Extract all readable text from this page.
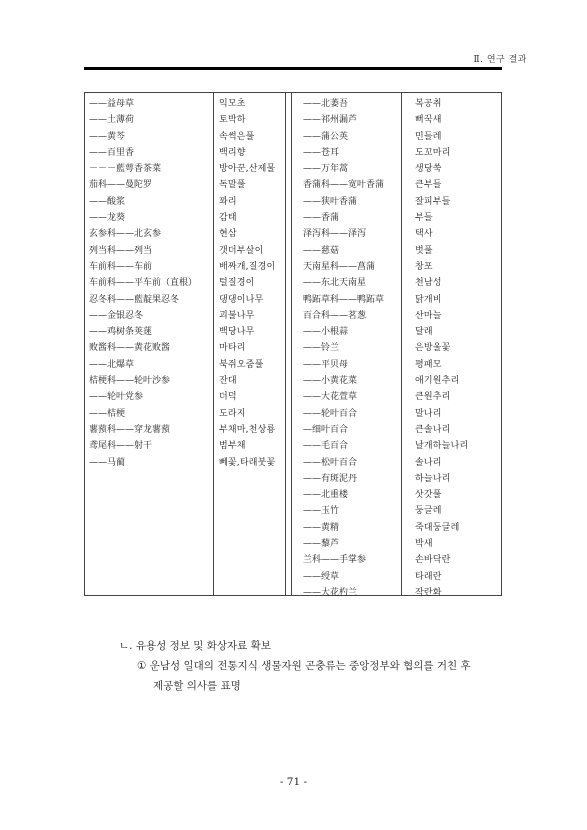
Ⅱ. 연구 결과
——益母草
——土薄荷
——黄芩
——百里香
－－－藍萼香茶菜
茄科——曼陀罗
——酸浆
——龙葵
玄参科——北玄参
列当科——列当
车前科——车前
车前科——平车前（直根）
忍冬科——藍靛果忍冬
——金银忍冬
——鸡树条荚蒾
败酱科——黄花败酱
——北爆草
桔梗科——轮叶沙参
——轮叶党参
——桔梗
薯蓣科——穿龙薯蓣
鸢尾科——射干
——马蔺
익모초
토박하
속썩은풀
백리향
방아꾼,산제물
독말풀
꽈리
감태
현삼
갯더부살이
배짜개,질경이
털질경이
댕댕이나무
괴불나무
백당나무
마타리
북쥐오줌풀
잔대
더덕
도라지
부채마,천상룡
범부채
뻬꽃,타래붓꽃
——北萎吾
——祁州漏芦
——蒲公英
——苍耳
——万年蒿
香蒲科——宽叶香蒲
——狭叶香蒲
——香蒲
泽泻科——泽泻
——慈菇
天南星科——菖蒲
——东北天南星
鸭跖草科——鸭跖草
百合科——茗葱
——小根蒜
——铃兰
——平贝母
——小黄花菜
——大花萱草
——轮叶百合
—细叶百合
——毛百合
——松叶百合
——有斑泥丹
——北重楼
——玉竹
——黄精
——藜芦
兰科——手掌参
——绶草
——大花杓兰
복공취
뻐꾹새
민들레
도꼬마리
생당쑥
큰부들
잘피부들
부들
택사
벗풀
창포
천남성
닭개비
산마늘
달래
은방울꽃
평패모
애기원추리
큰원추리
말나리
큰솔나리
날개하늘나리
솔나리
하늘나리
삿갓풀
둥글레
죽대둥글레
박새
손바닥란
타래란
작란화
ㄴ. 유용성 정보 및 화상자료 확보
① 운남성 일대의 전통지식 생물자원 곤충류는 중앙정부와 협의를 거친 후
제공할 의사를 표명
- 71 -
